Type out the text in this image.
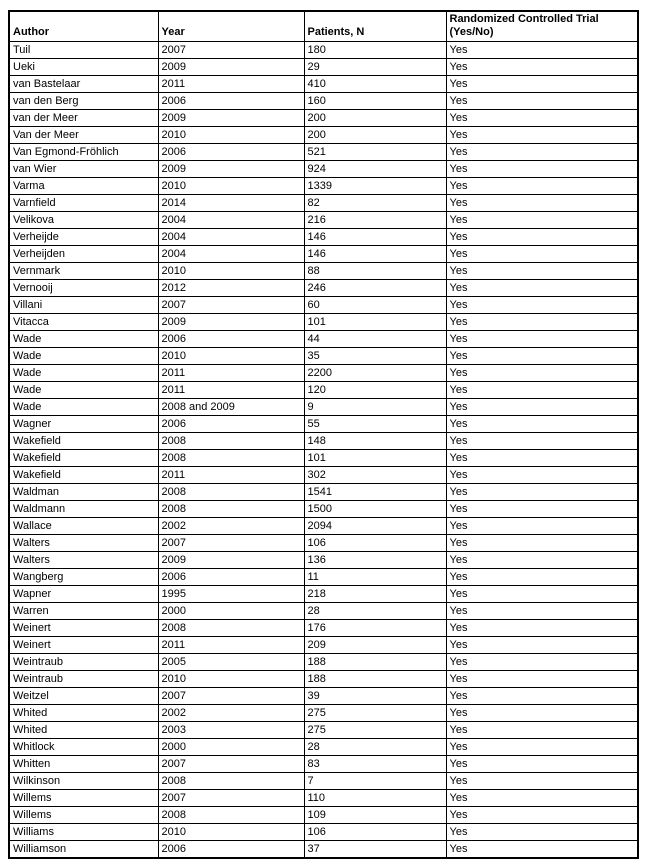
Author	Year	Patients, N	Randomized Controlled Trial (Yes/No)
Tuil	2007	180	Yes
Ueki	2009	29	Yes
van Bastelaar	2011	410	Yes
van den Berg	2006	160	Yes
van der Meer	2009	200	Yes
Van der Meer	2010	200	Yes
Van Egmond-Fröhlich	2006	521	Yes
van Wier	2009	924	Yes
Varma	2010	1339	Yes
Varnfield	2014	82	Yes
Velikova	2004	216	Yes
Verheijde	2004	146	Yes
Verheijden	2004	146	Yes
Vernmark	2010	88	Yes
Vernooij	2012	246	Yes
Villani	2007	60	Yes
Vitacca	2009	101	Yes
Wade	2006	44	Yes
Wade	2010	35	Yes
Wade	2011	2200	Yes
Wade	2011	120	Yes
Wade	2008 and 2009	9	Yes
Wagner	2006	55	Yes
Wakefield	2008	148	Yes
Wakefield	2008	101	Yes
Wakefield	2011	302	Yes
Waldman	2008	1541	Yes
Waldmann	2008	1500	Yes
Wallace	2002	2094	Yes
Walters	2007	106	Yes
Walters	2009	136	Yes
Wangberg	2006	11	Yes
Wapner	1995	218	Yes
Warren	2000	28	Yes
Weinert	2008	176	Yes
Weinert	2011	209	Yes
Weintraub	2005	188	Yes
Weintraub	2010	188	Yes
Weitzel	2007	39	Yes
Whited	2002	275	Yes
Whited	2003	275	Yes
Whitlock	2000	28	Yes
Whitten	2007	83	Yes
Wilkinson	2008	7	Yes
Willems	2007	110	Yes
Willems	2008	109	Yes
Williams	2010	106	Yes
Williamson	2006	37	Yes
